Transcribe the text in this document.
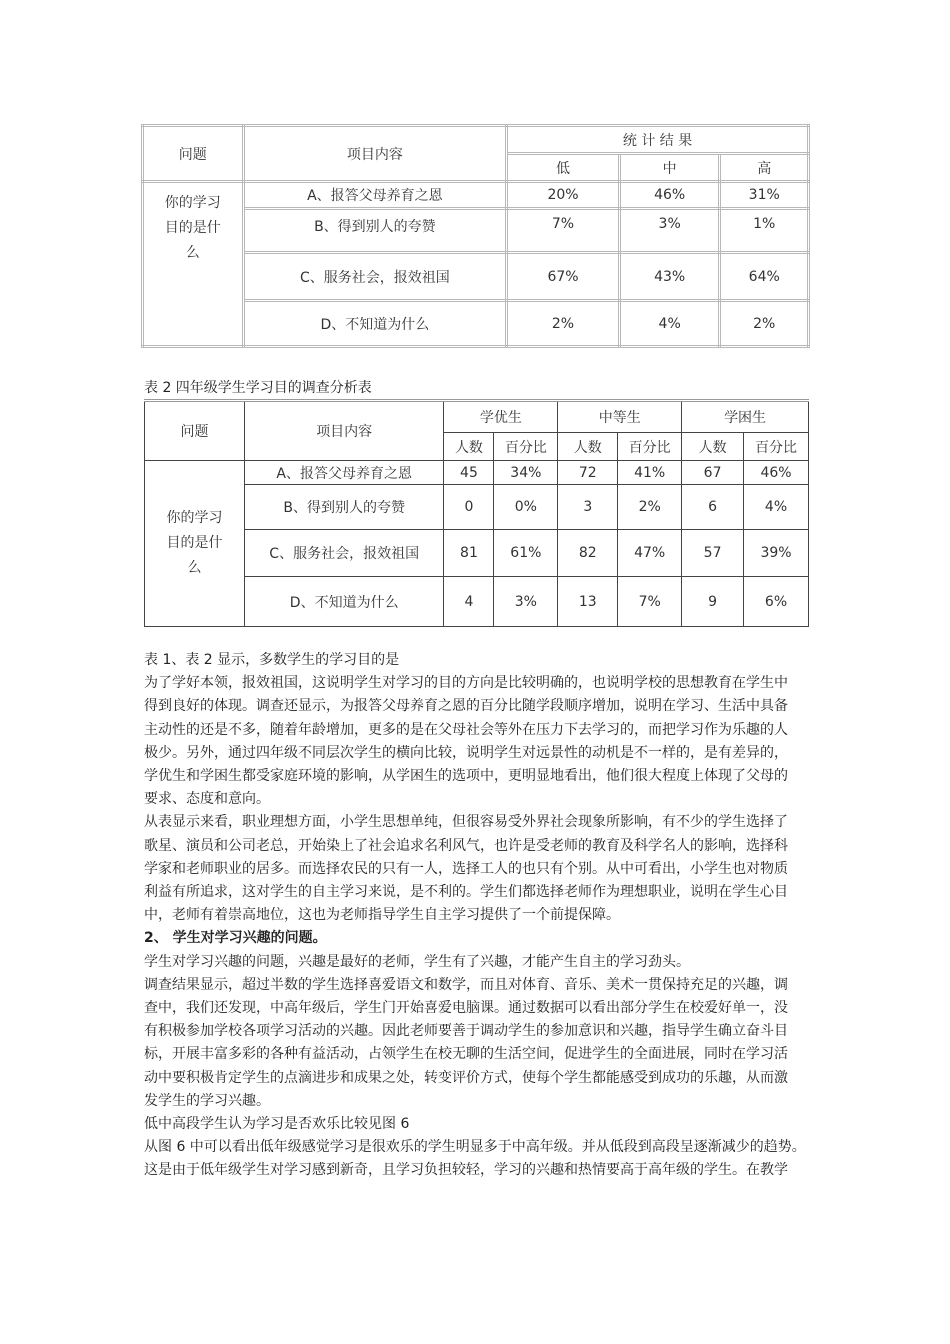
问题	项目内容	统 计 结 果		
		低	中	高
你的学习目的是什么	A、报答父母养育之恩	20%	46%	31%
	B、得到别人的夸赞	7%	3%	1%
	C、服务社会，报效祖国	67%	43%	64%
	D、不知道为什么	2%	4%	2%
表 2 四年级学生学习目的调查分析表
问题	项目内容	学优生		中等生		学困生	
		人数	百分比	人数	百分比	人数	百分比
你的学习目的是什么	A、报答父母养育之恩	45	34%	72	41%	67	46%
	B、得到别人的夸赞	0	0%	3	2%	6	4%
	C、服务社会，报效祖国	81	61%	82	47%	57	39%
	D、不知道为什么	4	3%	13	7%	9	6%

表 1、表 2 显示，多数学生的学习目的是

为了学好本领，报效祖国，这说明学生对学习的目的方向是比较明确的，也说明学校的思想教育在学生中

得到良好的体现。调查还显示，为报答父母养育之恩的百分比随学段顺序增加，说明在学习、生活中具备

主动性的还是不多，随着年龄增加，更多的是在父母社会等外在压力下去学习的，而把学习作为乐趣的人

极少。另外，通过四年级不同层次学生的横向比较，说明学生对远景性的动机是不一样的，是有差异的，

学优生和学困生都受家庭环境的影响，从学困生的选项中，更明显地看出，他们很大程度上体现了父母的

要求、态度和意向。

从表显示来看，职业理想方面，小学生思想单纯，但很容易受外界社会现象所影响，有不少的学生选择了

歌星、演员和公司老总，开始染上了社会追求名利风气，也许是受老师的教育及科学名人的影响，选择科

学家和老师职业的居多。而选择农民的只有一人，选择工人的也只有个别。从中可看出，小学生也对物质

利益有所追求，这对学生的自主学习来说，是不利的。学生们都选择老师作为理想职业，说明在学生心目

中，老师有着崇高地位，这也为老师指导学生自主学习提供了一个前提保障。

2、 学生对学习兴趣的问题。

学生对学习兴趣的问题，兴趣是最好的老师，学生有了兴趣，才能产生自主的学习劲头。

调查结果显示，超过半数的学生选择喜爱语文和数学，而且对体育、音乐、美术一贯保持充足的兴趣，调

查中，我们还发现，中高年级后，学生门开始喜爱电脑课。通过数据可以看出部分学生在校爱好单一，没

有积极参加学校各项学习活动的兴趣。因此老师要善于调动学生的参加意识和兴趣，指导学生确立奋斗目

标，开展丰富多彩的各种有益活动，占领学生在校无聊的生活空间，促进学生的全面进展，同时在学习活

动中要积极肯定学生的点滴进步和成果之处，转变评价方式，使每个学生都能感受到成功的乐趣，从而激

发学生的学习兴趣。

低中高段学生认为学习是否欢乐比较见图 6

从图 6 中可以看出低年级感觉学习是很欢乐的学生明显多于中高年级。并从低段到高段呈逐渐减少的趋势。

这是由于低年级学生对学习感到新奇，且学习负担较轻，学习的兴趣和热情要高于高年级的学生。在教学
